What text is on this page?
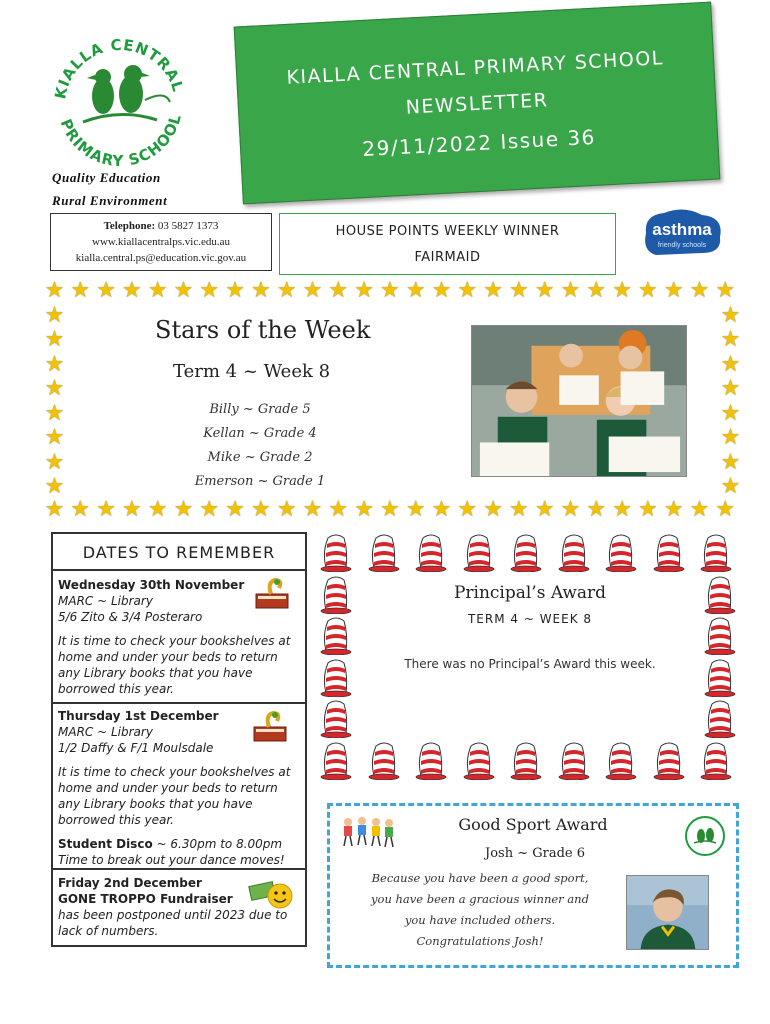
KIALLA CENTRAL
PRIMARY SCHOOL
Quality Education
Rural Environment
KIALLA CENTRAL PRIMARY SCHOOL
NEWSLETTER
29/11/2022 Issue 36
Telephone: 03 5827 1373
www.kiallacentralps.vic.edu.au
kialla.central.ps@education.vic.gov.au
HOUSE POINTS WEEKLY WINNER
FAIRMAID
asthma
friendly schools
★
★
★
★
★
★
★
★
★
★
★
★
★
★
★
★
★
★
★
★
★
★
★
★
★
★
★
★
★
★
★
★
★
★
★
★
★
★
★
★
★
★
★
★
★
★
★
★
★
★
★
★
★
★
★	★
★	★
★	★
★	★
★	★
★	★
★	★
★	★
Stars of the Week
Term 4 ~ Week 8
Billy ~ Grade 5
Kellan ~ Grade 4
Mike ~ Grade 2
Emerson ~ Grade 1
DATES TO REMEMBER
Wednesday 30th November
MARC ~ Library

5/6 Zito & 3/4 Posteraro

It is time to check your bookshelves at home and under your beds to return any Library books that you have borrowed this year.
Thursday 1st December
MARC ~ Library

1/2 Daffy & F/1 Moulsdale

It is time to check your bookshelves at home and under your beds to return any Library books that you have borrowed this year.

Student Disco ~ 6.30pm to 8.00pm
Time to break out your dance moves!
Friday 2nd December
GONE TROPPO Fundraiser
has been postponed until 2023 due to lack of numbers.
Principal’s Award
TERM 4 ~ WEEK 8
There was no Principal’s Award this week.
Good Sport Award
Josh ~ Grade 6
Because you have been a good sport,
you have been a gracious winner and
you have included others.
Congratulations Josh!
